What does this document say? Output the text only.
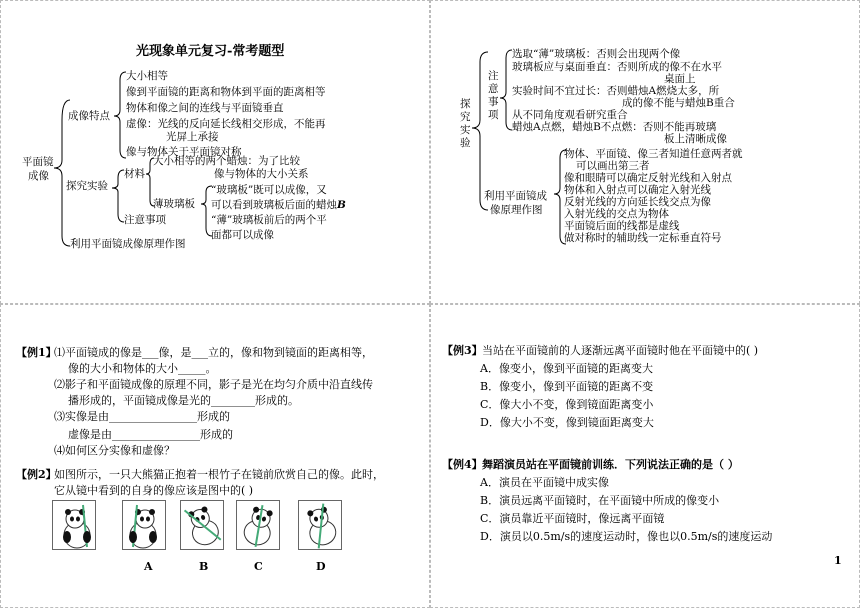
光现象单元复习-常考题型
平面镜
成像
成像特点
大小相等
像到平面镜的距离和物体到平面的距离相等
物体和像之间的连线与平面镜垂直
虚像：光线的反向延长线相交形成，不能再
光屏上承接
像与物体关于平面镜对称
探究实验
材料
大小相等的两个蜡烛：为了比较
像与物体的大小关系
薄玻璃板
“玻璃板”既可以成像，又
可以看到玻璃板后面的蜡烛B
“薄”玻璃板前后的两个平
面都可以成像
注意事项
利用平面镜成像原理作图
探
究
实
验
注
意
事
项
选取“薄”玻璃板：否则会出现两个像
玻璃板应与桌面垂直：否则所成的像不在水平
桌面上
实验时间不宜过长：否则蜡烛A燃烧太多，所
成的像不能与蜡烛B重合
从不同角度观看研究重合
蜡烛A点燃，蜡烛B不点燃：否则不能再玻璃
板上清晰成像
利用平面镜成
像原理作图
物体、平面镜、像三者知道任意两者就
可以画出第三者
像和眼睛可以确定反射光线和入射点
物体和入射点可以确定入射光线
反射光线的方向延长线交点为像
入射光线的交点为物体
平面镜后面的线都是虚线
做对称时的辅助线一定标垂直符号
【例1】
⑴平面镜成的像是___像，是___立的，像和物到镜面的距离相等，
像的大小和物体的大小_____。
⑵影子和平面镜成像的原理不同，影子是光在均匀介质中沿直线传
播形成的，平面镜成像是光的________形成的。
⑶实像是由________________形成的
虚像是由________________形成的
⑷如何区分实像和虚像？
【例2】
如图所示，一只大熊猫正抱着一根竹子在镜前欣赏自己的像。此时，
它从镜中看到的自身的像应该是图中的( )
A	B	C	D
【例3】 当站在平面镜前的人逐渐远离平面镜时他在平面镜中的( )
A．像变小，像到平面镜的距离变大
B．像变小，像到平面镜的距离不变
C．像大小不变，像到镜面距离变小
D．像大小不变，像到镜面距离变大
【例4】 舞蹈演员站在平面镜前训练．下列说法正确的是（ ）
A．演员在平面镜中成实像
B．演员远离平面镜时，在平面镜中所成的像变小
C．演员靠近平面镜时，像远离平面镜
D．演员以0.5m/s的速度运动时，像也以0.5m/s的速度运动
1
